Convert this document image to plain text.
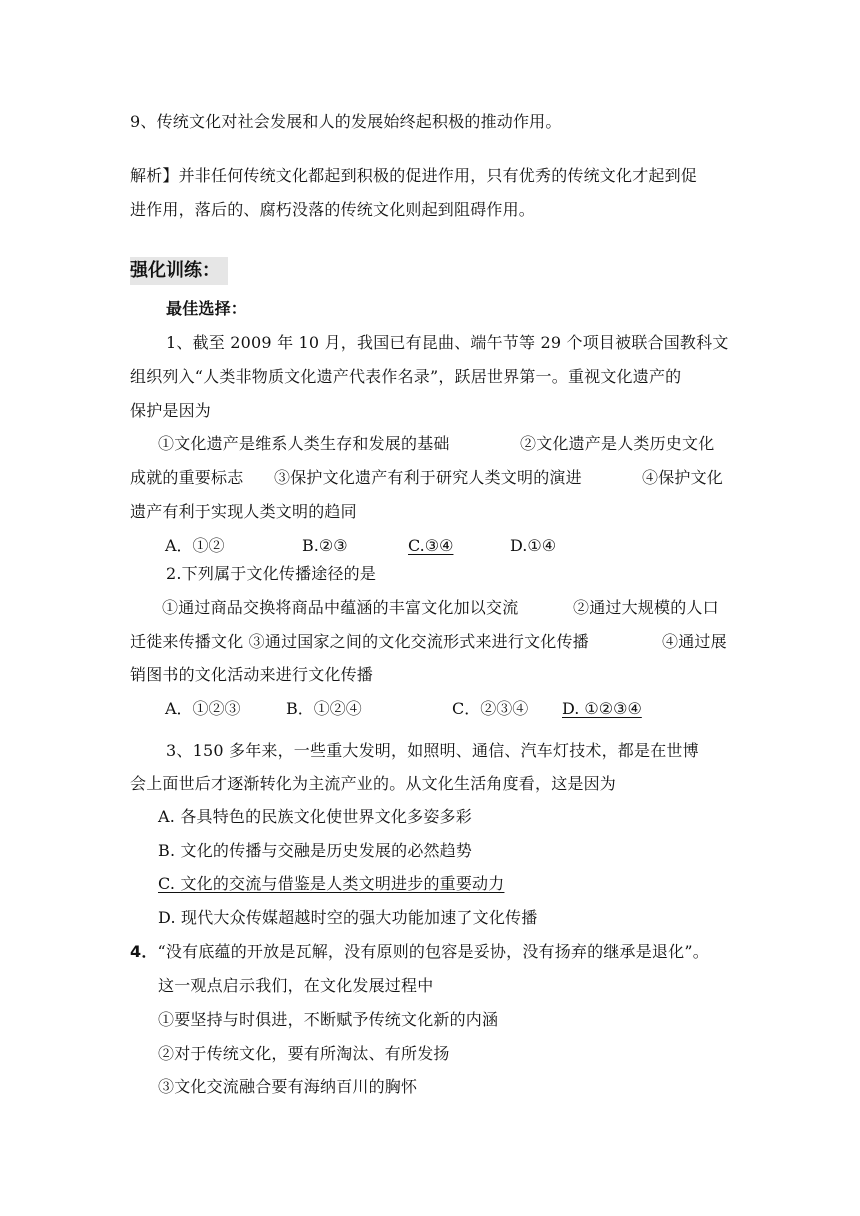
9、传统文化对社会发展和人的发展始终起积极的推动作用。
解析】并非任何传统文化都起到积极的促进作用，只有优秀的传统文化才起到促
进作用，落后的、腐朽没落的传统文化则起到阻碍作用。
强化训练：
最佳选择：
1、截至 2009 年 10 月，我国已有昆曲、端午节等 29 个项目被联合国教科文
组织列入“人类非物质文化遗产代表作名录”，跃居世界第一。重视文化遗产的
保护是因为
①文化遗产是维系人类生存和发展的基础	②文化遗产是人类历史文化
成就的重要标志 ③保护文化遗产有利于研究人类文明的演进	④保护文化
遗产有利于实现人类文明的趋同
A．①②	B.②③	C.③④	D.①④
2.下列属于文化传播途径的是
①通过商品交换将商品中蕴涵的丰富文化加以交流	②通过大规模的人口
迁徙来传播文化 ③通过国家之间的文化交流形式来进行文化传播	④通过展
销图书的文化活动来进行文化传播
A．①②③	B．①②④	C．②③④ D. ①②③④
3、150 多年来，一些重大发明，如照明、通信、汽车灯技术，都是在世博
会上面世后才逐渐转化为主流产业的。从文化生活角度看，这是因为
A. 各具特色的民族文化使世界文化多姿多彩
B. 文化的传播与交融是历史发展的必然趋势
C. 文化的交流与借鉴是人类文明进步的重要动力
D. 现代大众传媒超越时空的强大功能加速了文化传播
4．“没有底蕴的开放是瓦解，没有原则的包容是妥协，没有扬弃的继承是退化”。
这一观点启示我们，在文化发展过程中
①要坚持与时俱进，不断赋予传统文化新的内涵
②对于传统文化，要有所淘汰、有所发扬
③文化交流融合要有海纳百川的胸怀
